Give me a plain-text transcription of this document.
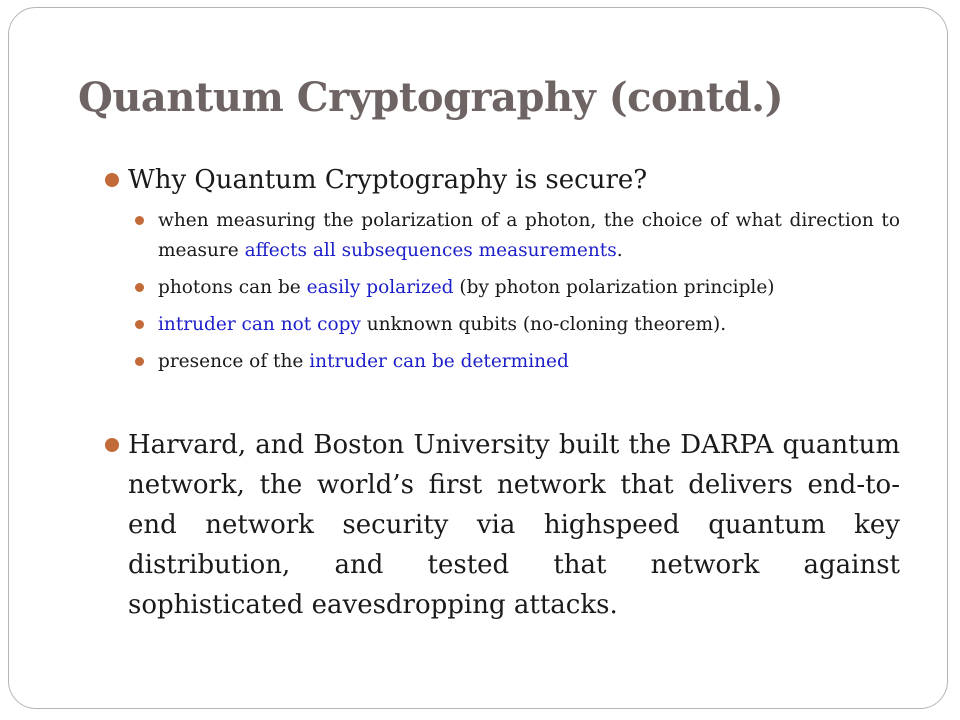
Quantum Cryptography (contd.)
Why Quantum Cryptography is secure?
when measuring the polarization of a photon, the choice of what direction to measure affects all subsequences measurements.
photons can be easily polarized (by photon polarization principle)
intruder can not copy unknown qubits (no-cloning theorem).
presence of the intruder can be determined
Harvard, and Boston University built the DARPA quantum network, the world’s first network that delivers end-to-end network security via highspeed quantum key distribution, and tested that network against sophisticated eavesdropping attacks.
